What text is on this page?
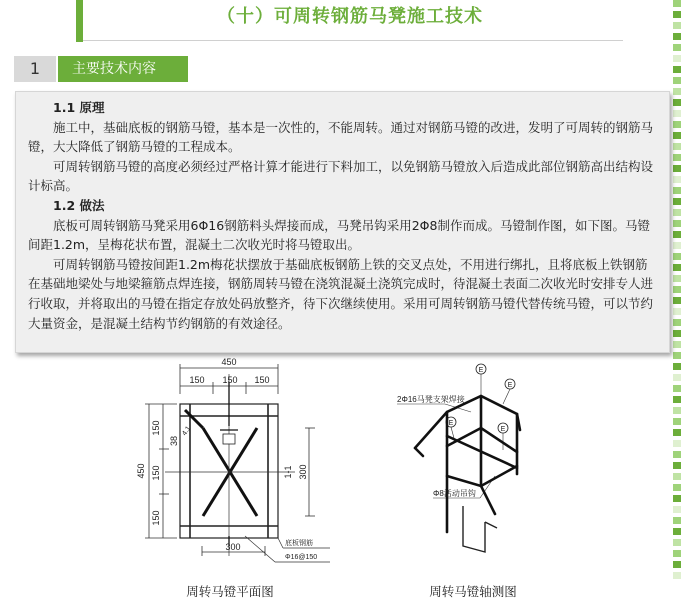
（十）可周转钢筋马凳施工技术
1	主要技术内容
1.1 原理

施工中，基础底板的钢筋马镫，基本是一次性的，不能周转。通过对钢筋马镫的改进，发明了可周转的钢筋马镫，大大降低了钢筋马镫的工程成本。

可周转钢筋马镫的高度必须经过严格计算才能进行下料加工，以免钢筋马镫放入后造成此部位钢筋高出结构设计标高。

1.2 做法

底板可周转钢筋马凳采用6Φ16钢筋料头焊接而成，马凳吊钩采用2Φ8制作而成。马镫制作图，如下图。马镫间距1.2m，呈梅花状布置，混凝土二次收光时将马镫取出。

可周转钢筋马镫按间距1.2m梅花状摆放于基础底板钢筋上铁的交叉点处，不用进行绑扎，且将底板上铁钢筋在基础地梁处与地梁箍筋点焊连接，钢筋周转马镫在浇筑混凝土浇筑完成时，待混凝土表面二次收光时安排专人进行收取，并将取出的马镫在指定存放处码放整齐，待下次继续使用。采用可周转钢筋马镫代替传统马镫，可以节约大量资金，是混凝土结构节约钢筋的有效途径。

450
150 150 150
450
150
150
150
38
4.1
300
1-1
300	底板钢筋
Φ16@150
E
E
E
E
2Φ16马凳支架焊接
Φ8活动吊钩
周转马镫平面图	周转马镫轴测图
